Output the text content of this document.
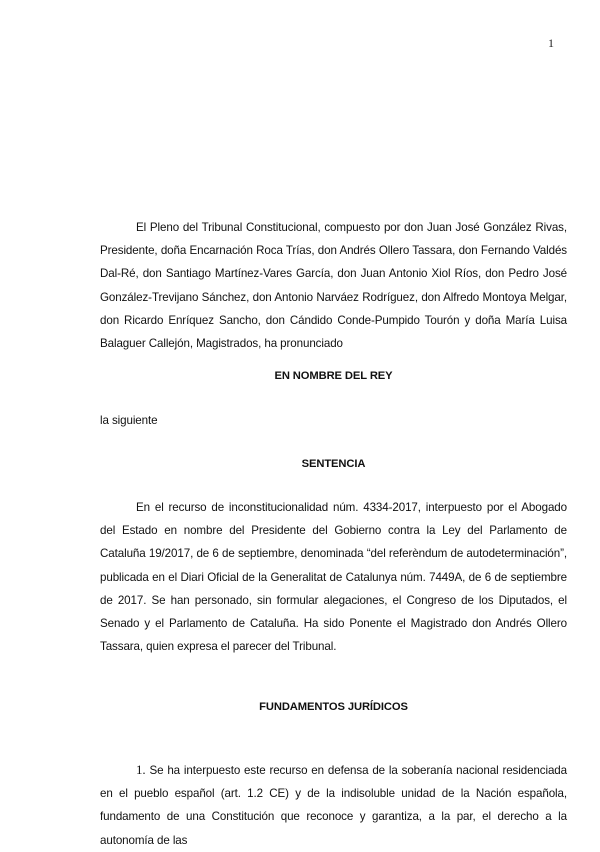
1

El Pleno del Tribunal Constitucional, compuesto por don Juan José González Rivas, Presidente, doña Encarnación Roca Trías, don Andrés Ollero Tassara, don Fernando Valdés Dal-Ré, don Santiago Martínez-Vares García, don Juan Antonio Xiol Ríos, don Pedro José González-Trevijano Sánchez, don Antonio Narváez Rodríguez, don Alfredo Montoya Melgar, don Ricardo Enríquez Sancho, don Cándido Conde-Pumpido Tourón y doña María Luisa Balaguer Callejón, Magistrados, ha pronunciado

EN NOMBRE DEL REY

la siguiente

SENTENCIA

En el recurso de inconstitucionalidad núm. 4334-2017, interpuesto por el Abogado del Estado en nombre del Presidente del Gobierno contra la Ley del Parlamento de Cataluña 19/2017, de 6 de septiembre, denominada “del referèndum de autodeterminación”, publicada en el Diari Oficial de la Generalitat de Catalunya núm. 7449A, de 6 de septiembre de 2017. Se han personado, sin formular alegaciones, el Congreso de los Diputados, el Senado y el Parlamento de Cataluña. Ha sido Ponente el Magistrado don Andrés Ollero Tassara, quien expresa el parecer del Tribunal.

FUNDAMENTOS JURÍDICOS

1. Se ha interpuesto este recurso en defensa de la soberanía nacional residenciada en el pueblo español (art. 1.2 CE) y de la indisoluble unidad de la Nación española, fundamento de una Constitución que reconoce y garantiza, a la par, el derecho a la autonomía de las
